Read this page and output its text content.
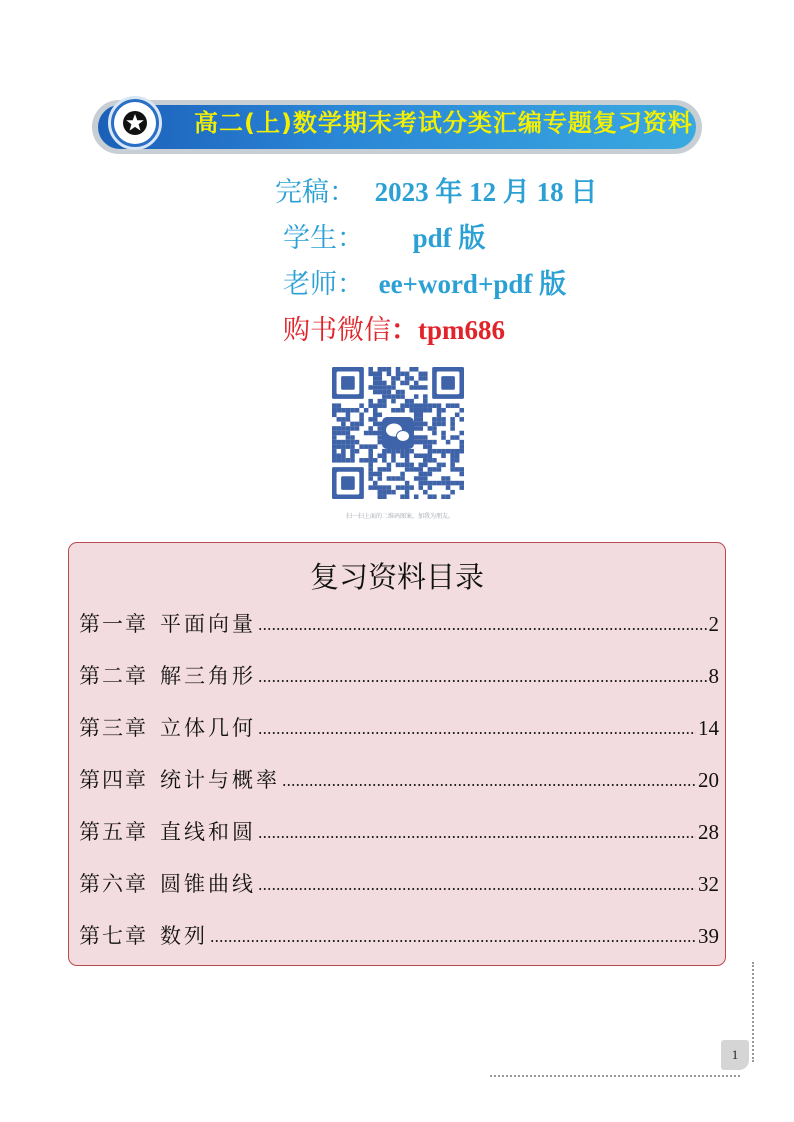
高二(上)数学期末考试分类汇编专题复习资料
完稿： 2023 年 12 月 18 日
学生： pdf 版
老师： ee+word+pdf 版
购书微信：tpm686
扫一扫上面的二维码图案，加我为朋友。
复习资料目录
第一章 平面向量	2
第二章 解三角形	8
第三章 立体几何	14
第四章 统计与概率	20
第五章 直线和圆	28
第六章 圆锥曲线	32
第七章 数列	39
1
